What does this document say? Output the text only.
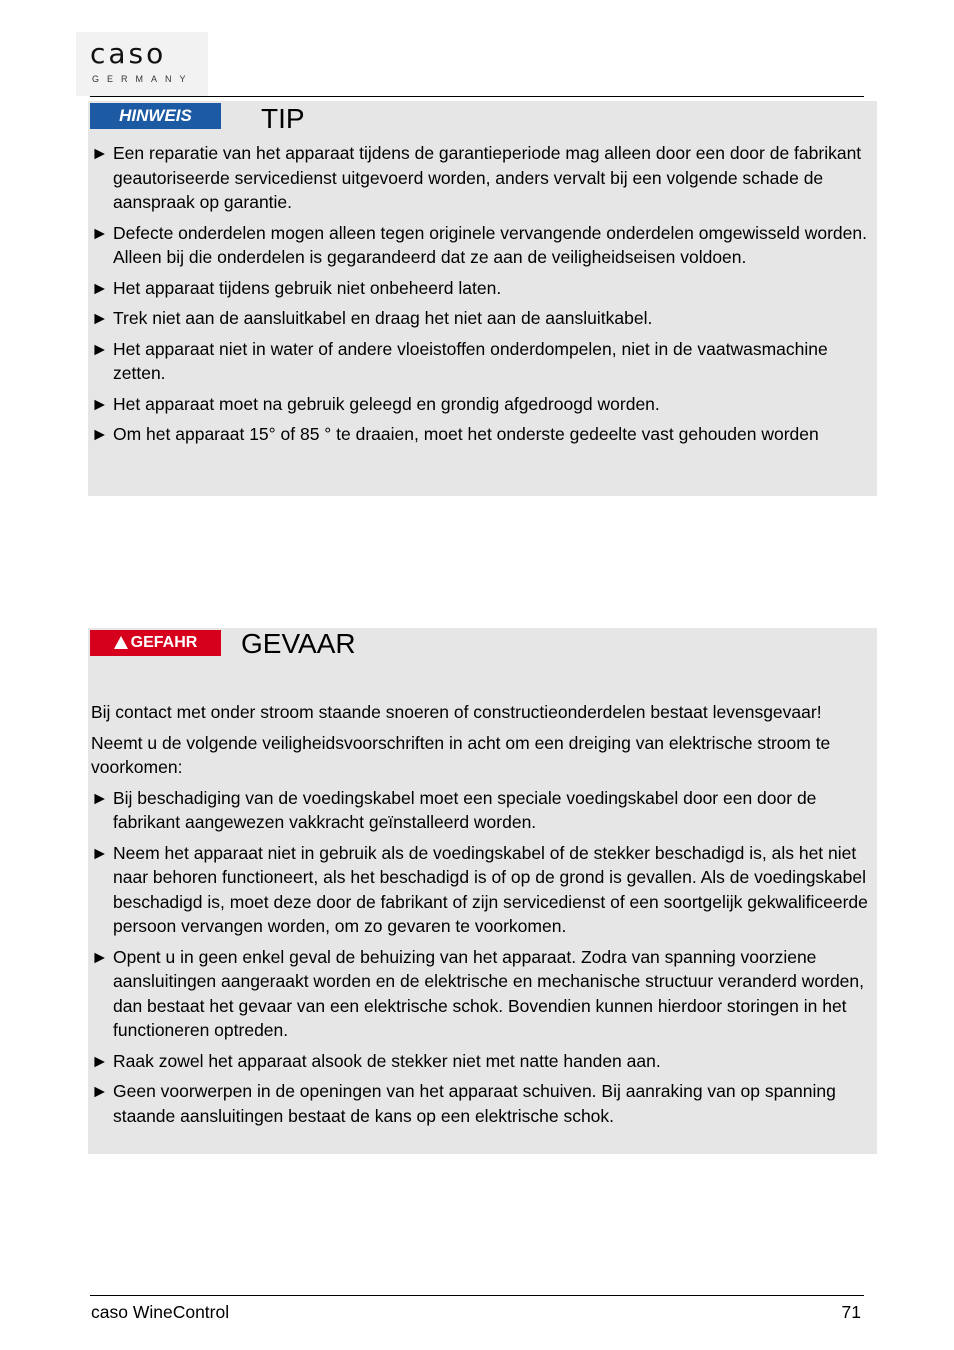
caso
GERMANY
HINWEIS TIP
► Een reparatie van het apparaat tijdens de garantieperiode mag alleen door een door de fabrikant geautoriseerde servicedienst uitgevoerd worden, anders vervalt bij een volgende schade de aanspraak op garantie.
► Defecte onderdelen mogen alleen tegen originele vervangende onderdelen omgewisseld worden. Alleen bij die onderdelen is gegarandeerd dat ze aan de veiligheidseisen voldoen.
► Het apparaat tijdens gebruik niet onbeheerd laten.
► Trek niet aan de aansluitkabel en draag het niet aan de aansluitkabel.
► Het apparaat niet in water of andere vloeistoffen onderdompelen, niet in de vaatwasmachine zetten.
► Het apparaat moet na gebruik geleegd en grondig afgedroogd worden.
► Om het apparaat 15° of 85 ° te draaien, moet het onderste gedeelte vast gehouden worden
GEFAHR GEVAAR

Bij contact met onder stroom staande snoeren of constructieonderdelen bestaat levensgevaar!

Neemt u de volgende veiligheidsvoorschriften in acht om een dreiging van elektrische stroom te voorkomen:

► Bij beschadiging van de voedingskabel moet een speciale voedingskabel door een door de fabrikant aangewezen vakkracht geïnstalleerd worden.
► Neem het apparaat niet in gebruik als de voedingskabel of de stekker beschadigd is, als het niet naar behoren functioneert, als het beschadigd is of op de grond is gevallen. Als de voedingskabel beschadigd is, moet deze door de fabrikant of zijn servicedienst of een soortgelijk gekwalificeerde persoon vervangen worden, om zo gevaren te voorkomen.
► Opent u in geen enkel geval de behuizing van het apparaat. Zodra van spanning voorziene aansluitingen aangeraakt worden en de elektrische en mechanische structuur veranderd worden, dan bestaat het gevaar van een elektrische schok. Bovendien kunnen hierdoor storingen in het functioneren optreden.
► Raak zowel het apparaat alsook de stekker niet met natte handen aan.
► Geen voorwerpen in de openingen van het apparaat schuiven. Bij aanraking van op spanning staande aansluitingen bestaat de kans op een elektrische schok.
caso WineControl	71
